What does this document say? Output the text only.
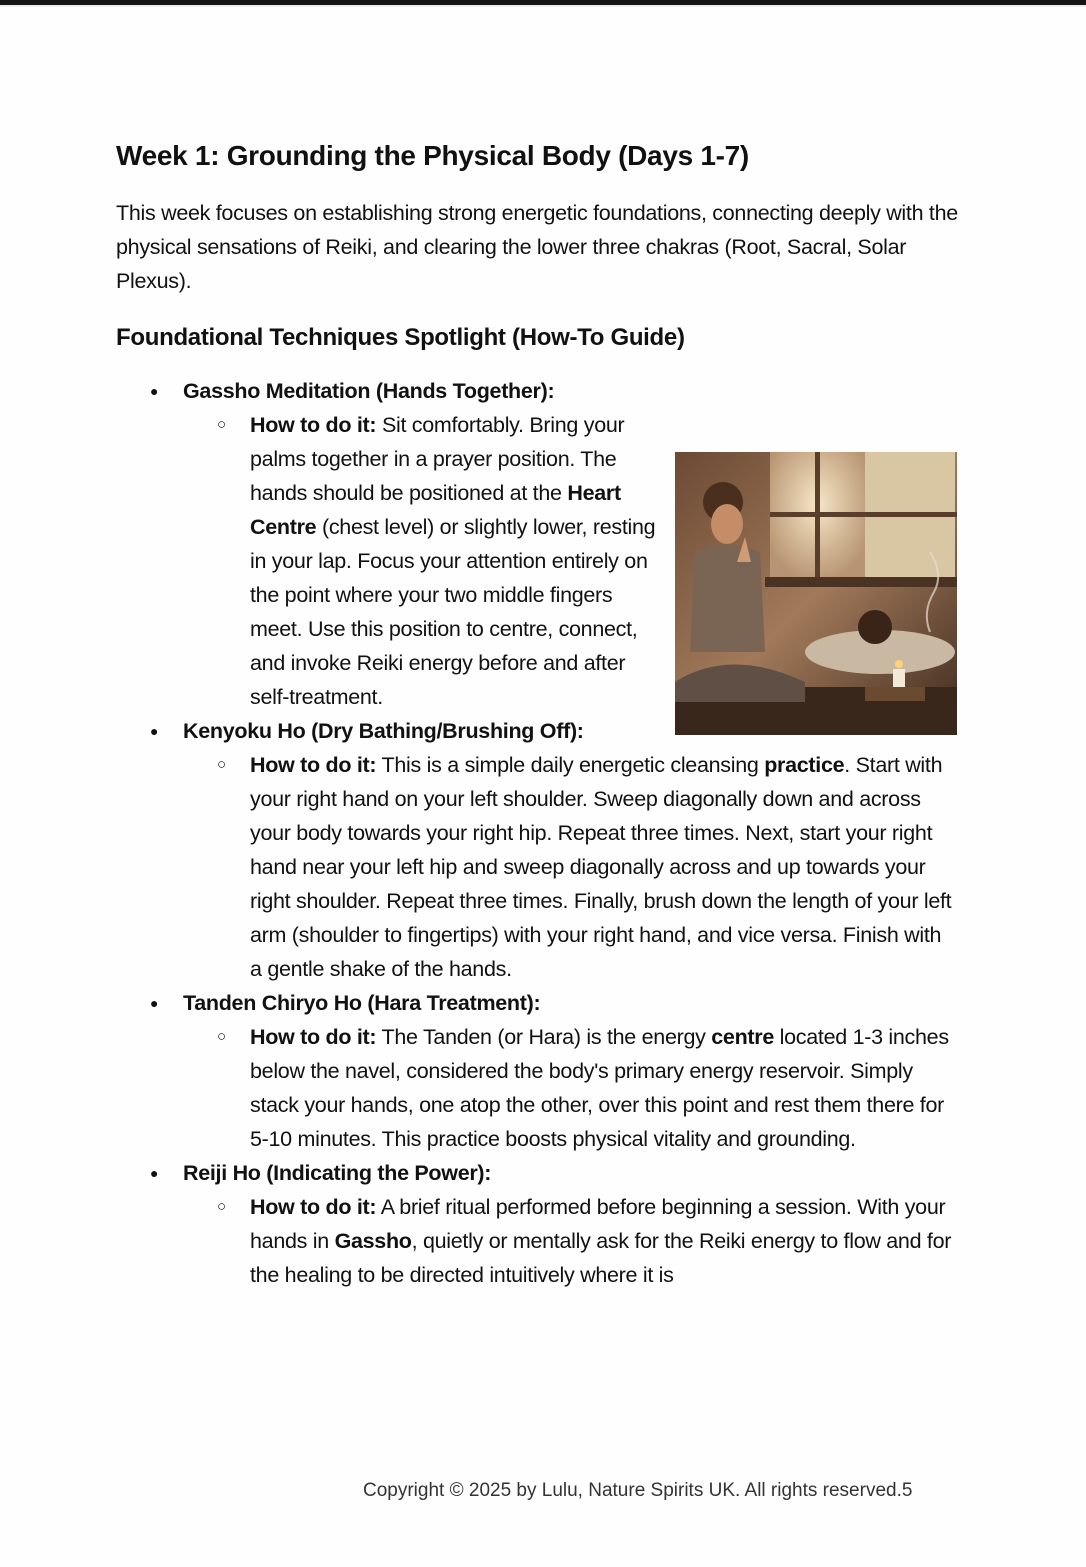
Week 1: Grounding the Physical Body (Days 1-7)

This week focuses on establishing strong energetic foundations, connecting deeply with the physical sensations of Reiki, and clearing the lower three chakras (Root, Sacral, Solar Plexus).

Foundational Techniques Spotlight (How-To Guide)
● Gassho Meditation (Hands Together):
○ How to do it: Sit comfortably. Bring your palms together in a prayer position. The hands should be positioned at the Heart Centre (chest level) or slightly lower, resting in your lap. Focus your attention entirely on the point where your two middle fingers meet. Use this position to centre, connect, and invoke Reiki energy before and after self-treatment.
● Kenyoku Ho (Dry Bathing/Brushing Off):
○ How to do it: This is a simple daily energetic cleansing practice. Start with your right hand on your left shoulder. Sweep diagonally down and across your body towards your right hip. Repeat three times. Next, start your right hand near your left hip and sweep diagonally across and up towards your right shoulder. Repeat three times. Finally, brush down the length of your left arm (shoulder to fingertips) with your right hand, and vice versa. Finish with a gentle shake of the hands.
● Tanden Chiryo Ho (Hara Treatment):
○ How to do it: The Tanden (or Hara) is the energy centre located 1-3 inches below the navel, considered the body's primary energy reservoir. Simply stack your hands, one atop the other, over this point and rest them there for 5-10 minutes. This practice boosts physical vitality and grounding.
● Reiji Ho (Indicating the Power):
○ How to do it: A brief ritual performed before beginning a session. With your hands in Gassho, quietly or mentally ask for the Reiki energy to flow and for the healing to be directed intuitively where it is
Copyright © 2025 by Lulu, Nature Spirits UK. All rights reserved.5
